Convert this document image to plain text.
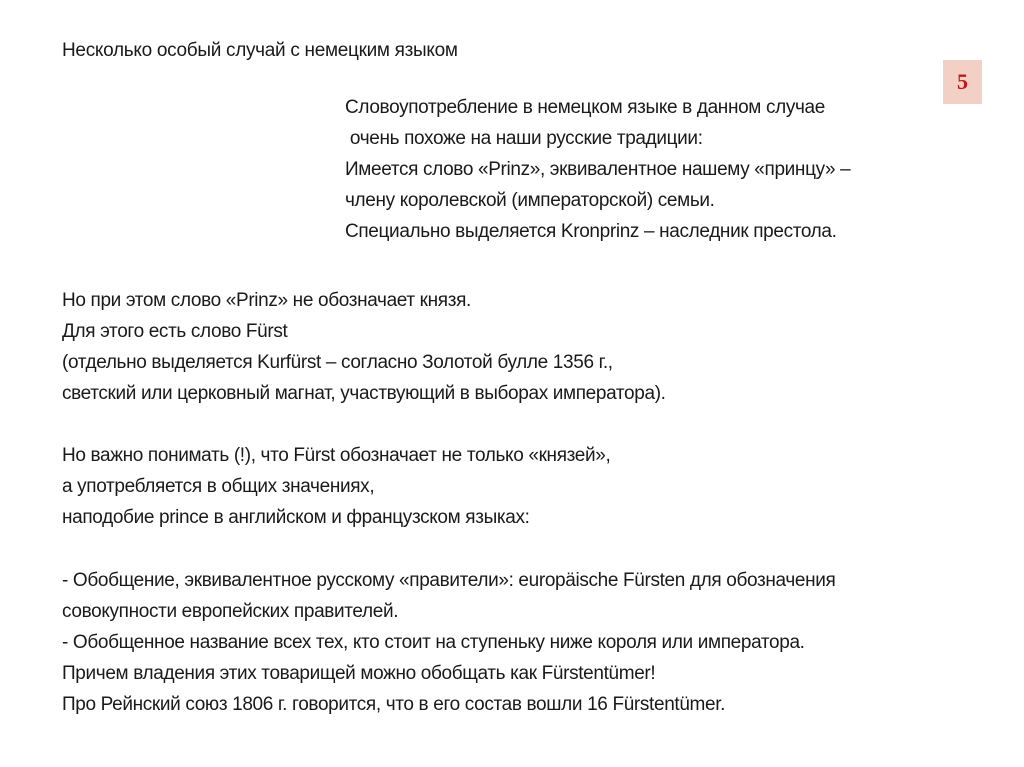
Несколько особый случай с немецким языком
5
Словоупотребление в немецком языке в данном случае
очень похоже на наши русские традиции:
Имеется слово «Prinz», эквивалентное нашему «принцу» –
члену королевской (императорской) семьи.
Специально выделяется Kronprinz – наследник престола.
Но при этом слово «Prinz» не обозначает князя.
Для этого есть слово Fürst
(отдельно выделяется Kurfürst – согласно Золотой булле 1356 г.,
светский или церковный магнат, участвующий в выборах императора).
Но важно понимать (!), что Fürst обозначает не только «князей»,
а употребляется в общих значениях,
наподобие prince в английском и французском языках:
- Обобщение, эквивалентное русскому «правители»: europäische Fürsten для обозначения
совокупности европейских правителей.
- Обобщенное название всех тех, кто стоит на ступеньку ниже короля или императора.
Причем владения этих товарищей можно обобщать как Fürstentümer!
Про Рейнский союз 1806 г. говорится, что в его состав вошли 16 Fürstentümer.
